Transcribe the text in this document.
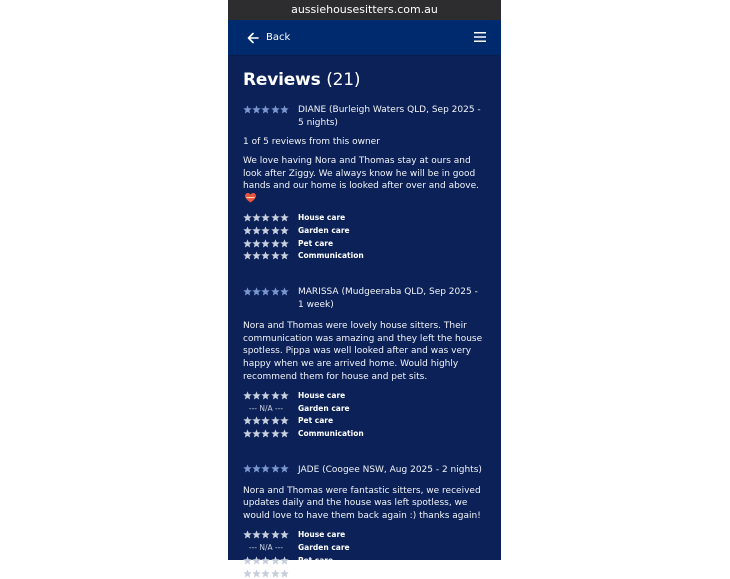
aussiehousesitters.com.au
Back
Reviews (21)
DIANE (Burleigh Waters QLD, Sep 2025 - 5 nights)
1 of 5 reviews from this owner
We love having Nora and Thomas stay at ours and look after Ziggy. We always know he will be in good hands and our home is looked after over and above.
House care
Garden care
Pet care
Communication
MARISSA (Mudgeeraba QLD, Sep 2025 - 1 week)
Nora and Thomas were lovely house sitters. Their communication was amazing and they left the house spotless. Pippa was well looked after and was very happy when we are arrived home. Would highly recommend them for house and pet sits.
House care
--- N/A ---	Garden care
Pet care
Communication
JADE (Coogee NSW, Aug 2025 - 2 nights)
Nora and Thomas were fantastic sitters, we received updates daily and the house was left spotless, we would love to have them back again :) thanks again!
House care
--- N/A ---	Garden care
Pet care
Communication
